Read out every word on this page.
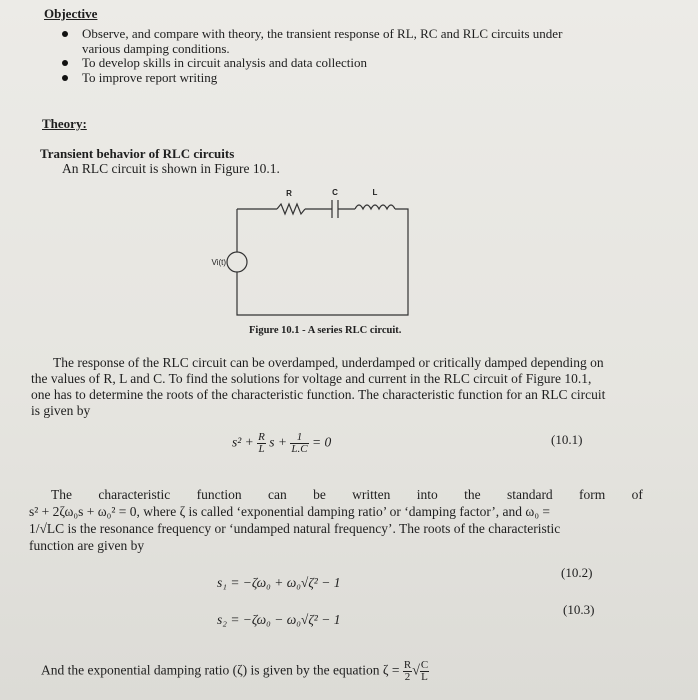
Objective
Observe, and compare with theory, the transient response of RL, RC and RLC circuits under
various damping conditions.
To develop skills in circuit analysis and data collection
To improve report writing
Theory:
Transient behavior of RLC circuits
An RLC circuit is shown in Figure 10.1.
R	C	L
Vi(t)
Figure 10.1 - A series RLC circuit.
The response of the RLC circuit can be overdamped, underdamped or critically damped depending on
the values of R, L and C. To find the solutions for voltage and current in the RLC circuit of Figure 10.1,
one has to determine the roots of the characteristic function. The characteristic function for an RLC circuit
is given by
$s^2 + \frac{R}{L}$ $s + \frac{1}{L.C} = 0$	(10.1)
The characteristic function can be written into the standard form of
s² + 2ζω₀s + ω₀² = 0, where ζ is called ‘exponential damping ratio’ or ‘damping factor’, and ω₀ =
1/√LC is the resonance frequency or ‘undamped natural frequency’. The roots of the characteristic
function are given by
s₁ = −ζω₀ + ω₀√ζ² − 1
(10.2)
s₂ = −ζω₀ − ω₀√ζ² − 1
(10.3)
And the exponential damping ratio (ζ) is given by the equation $\zeta = \frac{R}{2}$ √ $\frac{C}{L}$
